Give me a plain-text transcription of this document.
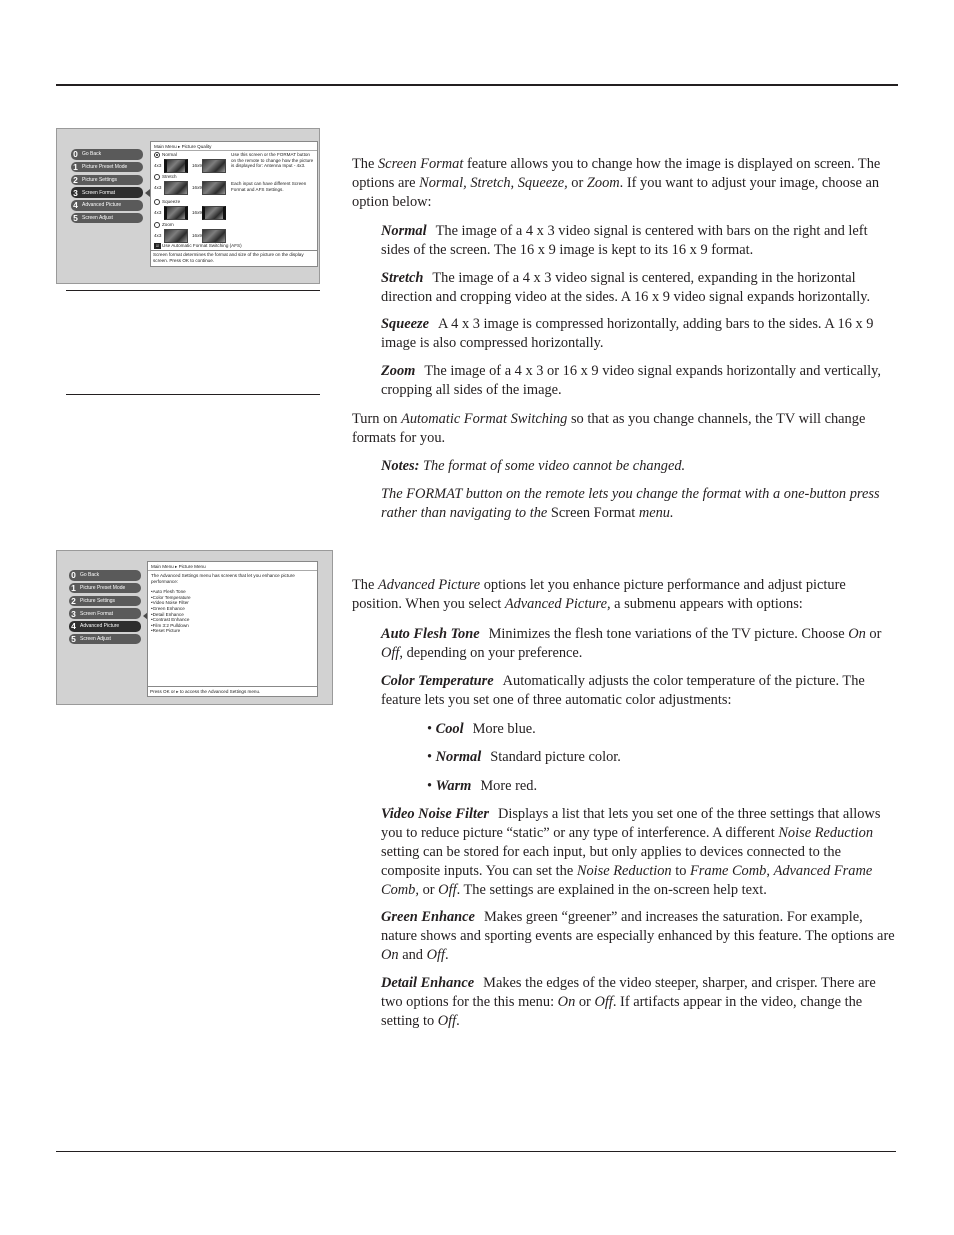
0 Go Back
1 Picture Preset Mode
2 Picture Settings
3 Screen Format
4 Advanced Picture
5 Screen Adjust
Main Menu ▸ Picture Quality
Normal
4x3	16x9
Stretch
4x3	16x9
Squeeze
4x3	16x9
Zoom
4x3	16x9
☑ Use Automatic Format Switching (AFS)
Use this screen or the FORMAT button on the remote to change how the picture is displayed for: Antenna Input - 4x3.
Each input can have different Screen Format and AFS Settings.
Screen format determines the format and size of the picture on the display screen. Press OK to continue.

The Screen Format feature allows you to change how the image is displayed on screen. The options are Normal, Stretch, Squeeze, or Zoom. If you want to adjust your image, choose an option below:

Normal The image of a 4 x 3 video signal is centered with bars on the right and left sides of the screen. The 16 x 9 image is kept to its 16 x 9 format.

Stretch The image of a 4 x 3 video signal is centered, expanding in the horizontal direction and cropping video at the sides. A 16 x 9 video signal expands horizontally.

Squeeze A 4 x 3 image is compressed horizontally, adding bars to the sides. A 16 x 9 image is also compressed horizontally.

Zoom The image of a 4 x 3 or 16 x 9 video signal expands horizontally and vertically, cropping all sides of the image.

Turn on Automatic Format Switching so that as you change channels, the TV will change formats for you.

Notes: The format of some video cannot be changed.

The FORMAT button on the remote lets you change the format with a one-button press rather than navigating to the Screen Format menu.

0 Go Back
1 Picture Preset Mode
2 Picture Settings
3 Screen Format
4 Advanced Picture
5 Screen Adjust
Main Menu ▸ Picture Menu

The Advanced Settings menu has screens that let you enhance picture performance:

•Auto Flesh Tone
•Color Temperature
•Video Noise Filter
•Green Enhance
•Detail Enhance
•Contrast Enhance
•Film 3:2 Pulldown
•Reset Picture
Press OK or ▸ to access the Advanced Settings menu.

The Advanced Picture options let you enhance picture performance and adjust picture position. When you select Advanced Picture, a submenu appears with options:

Auto Flesh Tone Minimizes the flesh tone variations of the TV picture. Choose On or Off, depending on your preference.

Color Temperature Automatically adjusts the color temperature of the picture. The feature lets you set one of three automatic color adjustments:

• Cool More blue.

• Normal Standard picture color.

• Warm More red.

Video Noise Filter Displays a list that lets you set one of the three settings that allows you to reduce picture “static” or any type of interference. A different Noise Reduction setting can be stored for each input, but only applies to devices connected to the composite inputs. You can set the Noise Reduction to Frame Comb, Advanced Frame Comb, or Off. The settings are explained in the on-screen help text.

Green Enhance Makes green “greener” and increases the saturation. For example, nature shows and sporting events are especially enhanced by this feature. The options are On and Off.

Detail Enhance Makes the edges of the video steeper, sharper, and crisper. There are two options for the this menu: On or Off. If artifacts appear in the video, change the setting to Off.
